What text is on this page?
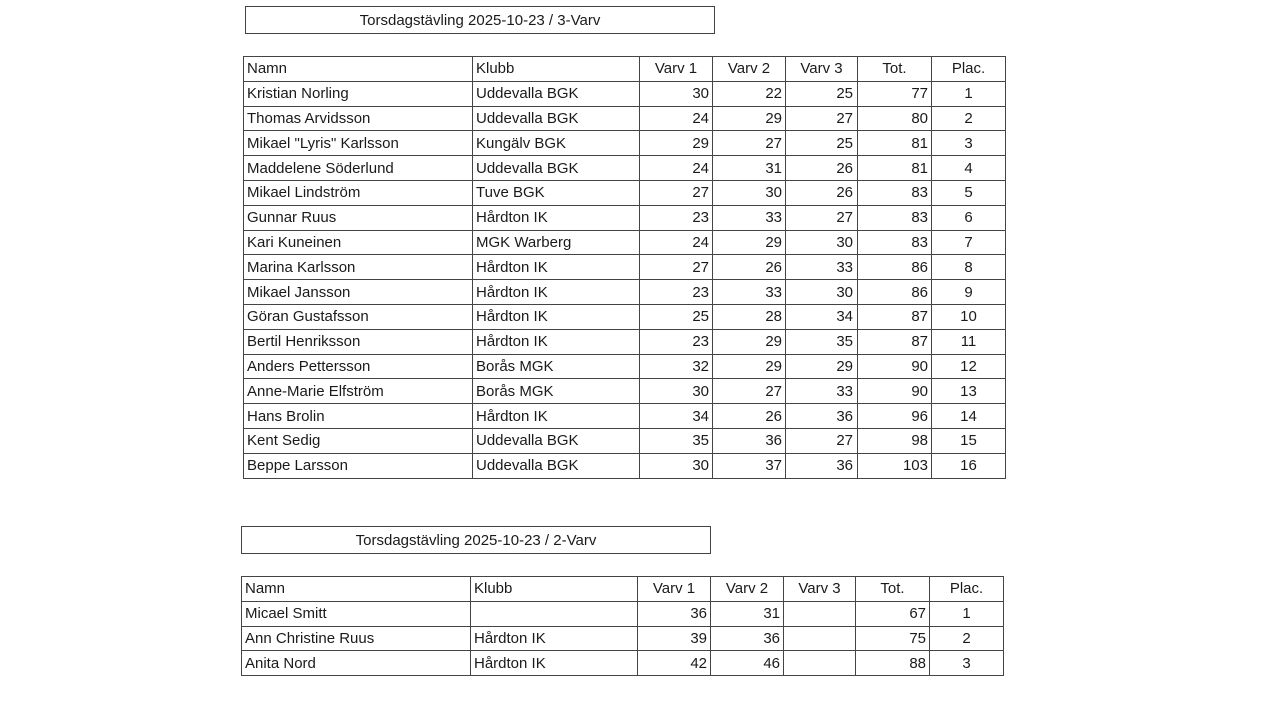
Torsdagstävling 2025-10-23 / 3-Varv
Namn	Klubb	Varv 1	Varv 2	Varv 3	Tot.	Plac.
Kristian Norling	Uddevalla BGK	30	22	25	77	1
Thomas Arvidsson	Uddevalla BGK	24	29	27	80	2
Mikael "Lyris" Karlsson	Kungälv BGK	29	27	25	81	3
Maddelene Söderlund	Uddevalla BGK	24	31	26	81	4
Mikael Lindström	Tuve BGK	27	30	26	83	5
Gunnar Ruus	Hårdton IK	23	33	27	83	6
Kari Kuneinen	MGK Warberg	24	29	30	83	7
Marina Karlsson	Hårdton IK	27	26	33	86	8
Mikael Jansson	Hårdton IK	23	33	30	86	9
Göran Gustafsson	Hårdton IK	25	28	34	87	10
Bertil Henriksson	Hårdton IK	23	29	35	87	11
Anders Pettersson	Borås MGK	32	29	29	90	12
Anne-Marie Elfström	Borås MGK	30	27	33	90	13
Hans Brolin	Hårdton IK	34	26	36	96	14
Kent Sedig	Uddevalla BGK	35	36	27	98	15
Beppe Larsson	Uddevalla BGK	30	37	36	103	16
Torsdagstävling 2025-10-23 / 2-Varv
Namn	Klubb	Varv 1	Varv 2	Varv 3	Tot.	Plac.
Micael Smitt		36	31		67	1
Ann Christine Ruus	Hårdton IK	39	36		75	2
Anita Nord	Hårdton IK	42	46		88	3
